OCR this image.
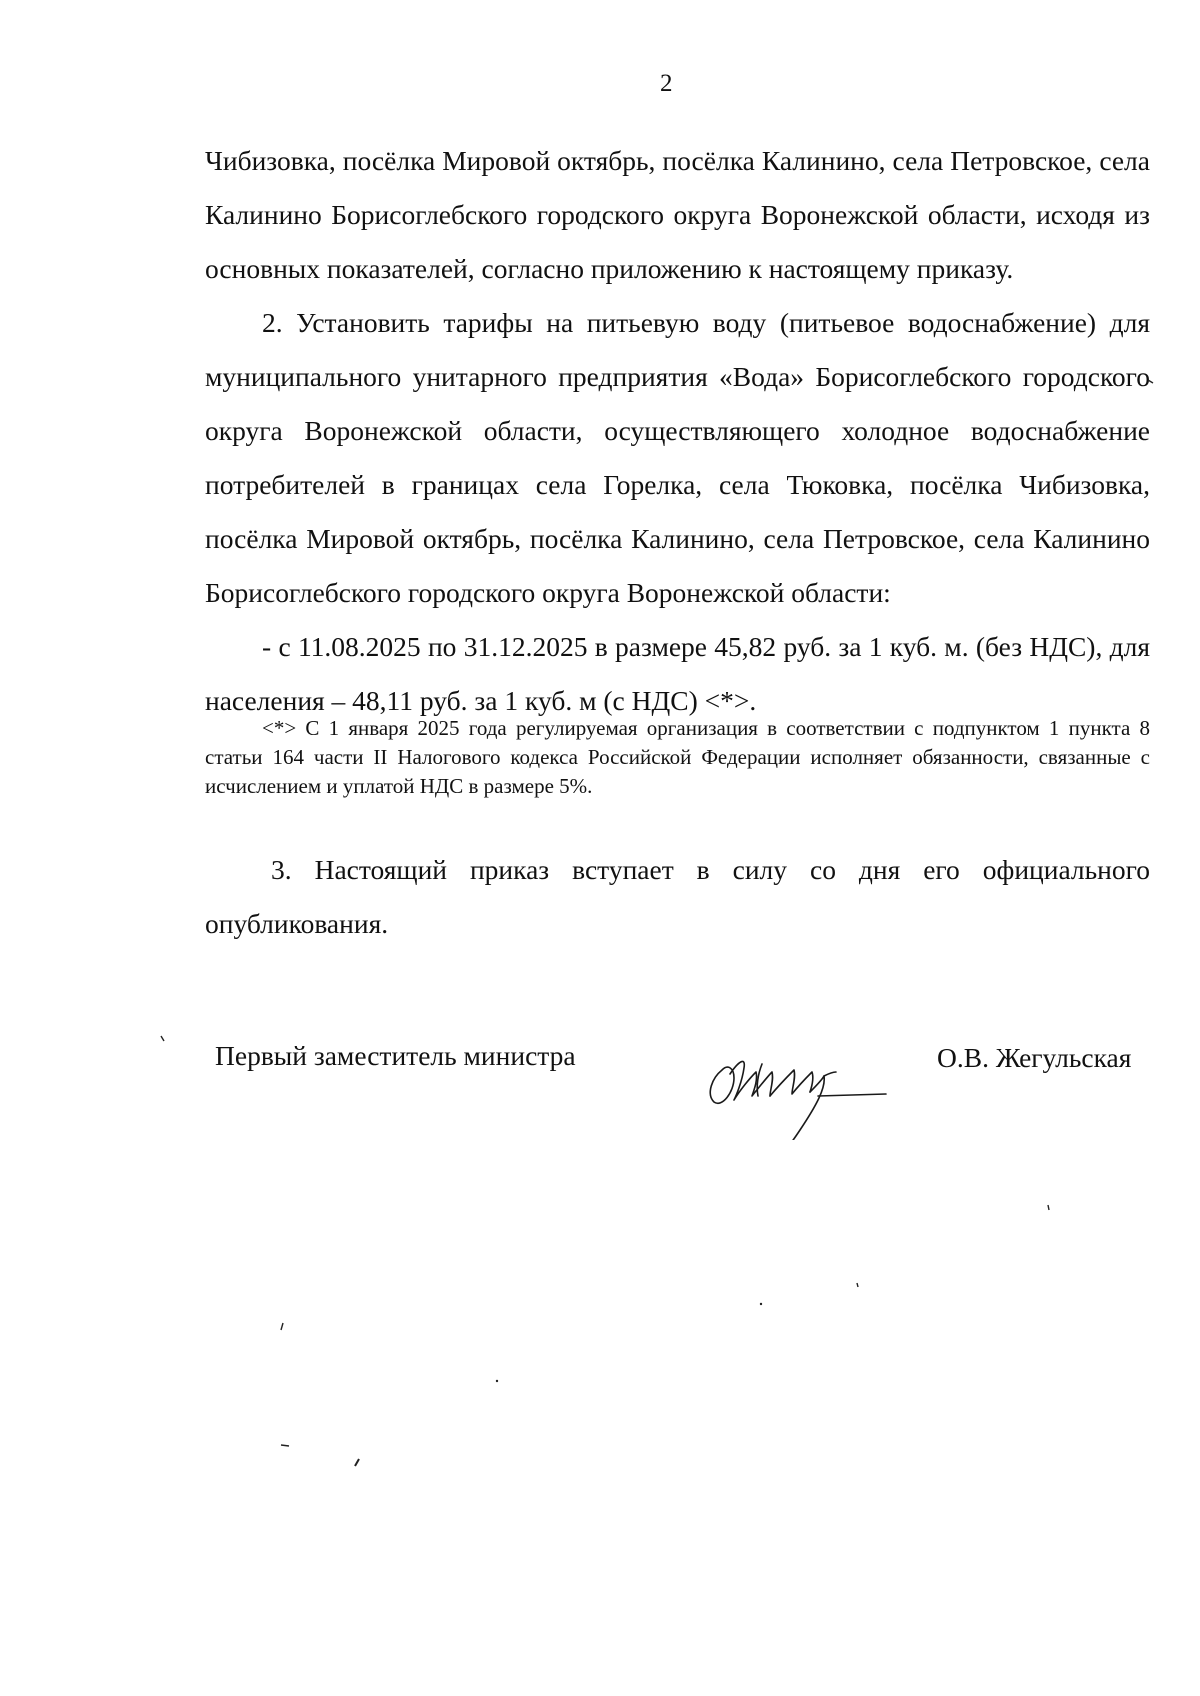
2

Чибизовка, посёлка Мировой октябрь, посёлка Калинино, села Петровское, села Калинино Борисоглебского городского округа Воронежской области, исходя из основных показателей, согласно приложению к настоящему приказу.

2. Установить тарифы на питьевую воду (питьевое водоснабжение) для муниципального унитарного предприятия «Вода» Борисоглебского городского округа Воронежской области, осуществляющего холодное водоснабжение потребителей в границах села Горелка, села Тюковка, посёлка Чибизовка, посёлка Мировой октябрь, посёлка Калинино, села Петровское, села Калинино Борисоглебского городского округа Воронежской области:

- с 11.08.2025 по 31.12.2025 в размере 45,82 руб. за 1 куб. м. (без НДС), для населения – 48,11 руб. за 1 куб. м (с НДС) <*>.

<*> С 1 января 2025 года регулируемая организация в соответствии с подпунктом 1 пункта 8 статьи 164 части II Налогового кодекса Российской Федерации исполняет обязанности, связанные с исчислением и уплатой НДС в размере 5%.

3. Настоящий приказ вступает в силу со дня его официального опубликования.

Первый заместитель министра	О.В. Жегульская
